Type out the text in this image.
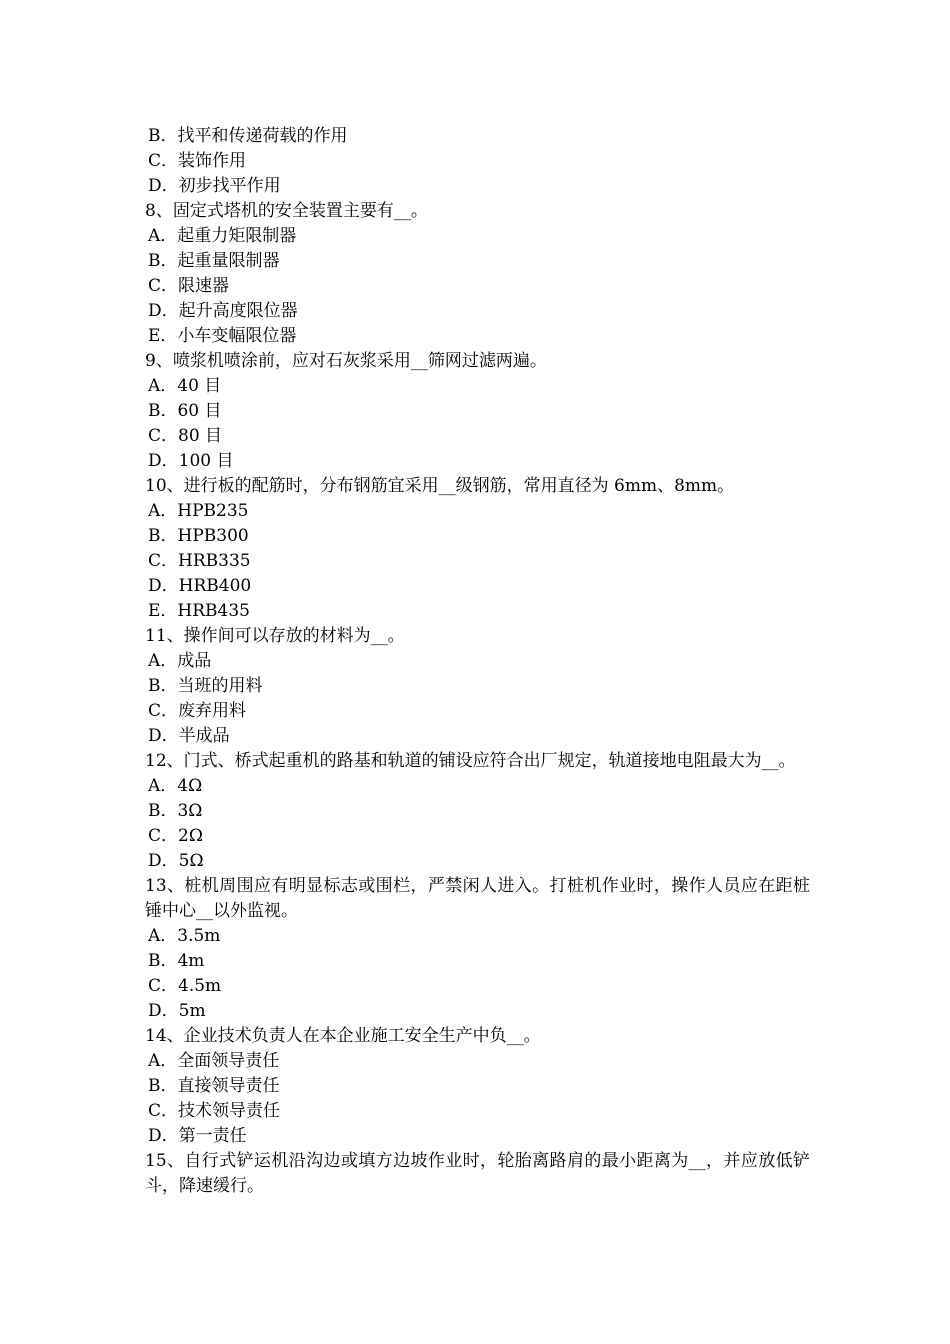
B．找平和传递荷载的作用

C．装饰作用

D．初步找平作用

8、固定式塔机的安全装置主要有__。

A．起重力矩限制器

B．起重量限制器

C．限速器

D．起升高度限位器

E．小车变幅限位器

9、喷浆机喷涂前，应对石灰浆采用__筛网过滤两遍。

A．40 目

B．60 目

C．80 目

D．100 目

10、进行板的配筋时，分布钢筋宜采用__级钢筋，常用直径为 6mm、8mm。

A．HPB235

B．HPB300

C．HRB335

D．HRB400

E．HRB435

11、操作间可以存放的材料为__。

A．成品

B．当班的用料

C．废弃用料

D．半成品

12、门式、桥式起重机的路基和轨道的铺设应符合出厂规定，轨道接地电阻最大为__。

A．4Ω

B．3Ω

C．2Ω

D．5Ω

13、桩机周围应有明显标志或围栏，严禁闲人进入。打桩机作业时，操作人员应在距桩锤中心__以外监视。

A．3.5m

B．4m

C．4.5m

D．5m

14、企业技术负责人在本企业施工安全生产中负__。

A．全面领导责任

B．直接领导责任

C．技术领导责任

D．第一责任

15、自行式铲运机沿沟边或填方边坡作业时，轮胎离路肩的最小距离为__，并应放低铲斗，降速缓行。
